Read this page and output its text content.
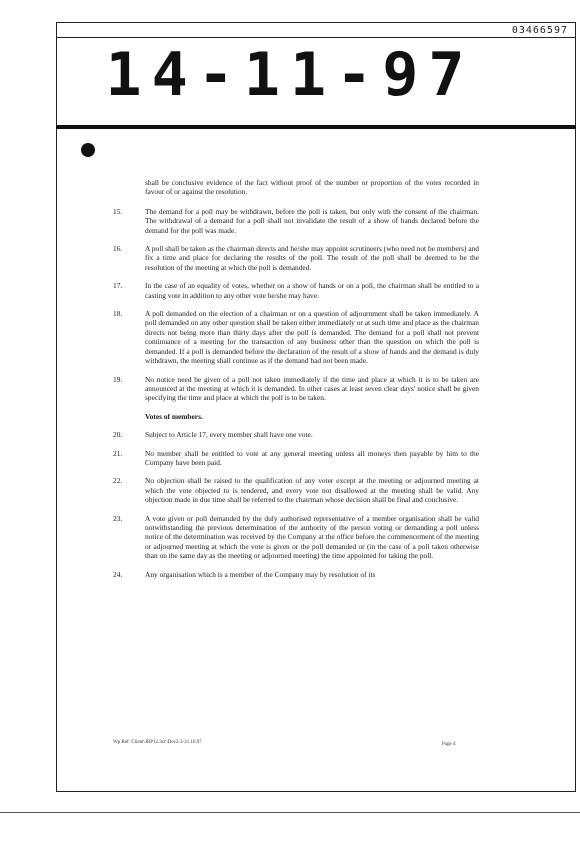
03466597
14-11-97
shall be conclusive evidence of the fact without proof of the number or proportion of the votes recorded in favour of or against the resolution.
15.	The demand for a poll may be withdrawn, before the poll is taken, but only with the consent of the chairman. The withdrawal of a demand for a poll shall not invalidate the result of a show of hands declared before the demand for the poll was made.
16.	A poll shall be taken as the chairman directs and he/she may appoint scrutineers (who need not be members) and fix a time and place for declaring the results of the poll. The result of the poll shall be deemed to be the resolution of the meeting at which the poll is demanded.
17.	In the case of an equality of votes, whether on a show of hands or on a poll, the chairman shall be entitled to a casting vote in addition to any other vote he/she may have.
18.	A poll demanded on the election of a chairman or on a question of adjournment shall be taken immediately. A poll demanded on any other question shall be taken either immediately or at such time and place as the chairman directs not being more than thirty days after the poll is demanded. The demand for a poll shall not prevent continuance of a meeting for the transaction of any business other than the question on which the poll is demanded. If a poll is demanded before the declaration of the result of a show of hands and the demand is duly withdrawn, the meeting shall continue as if the demand had not been made.
19.	No notice need be given of a poll not taken immediately if the time and place at which it is to be taken are announced at the meeting at which it is demanded. In other cases at least seven clear days' notice shall be given specifying the time and place at which the poll is to be taken.
Votes of members.
20.	Subject to Article 17, every member shall have one vote.
21.	No member shall be entitled to vote at any general meeting unless all moneys then payable by him to the Company have been paid.
22.	No objection shall be raised to the qualification of any voter except at the meeting or adjourned meeting at which the vote objected to is tendered, and every vote not disallowed at the meeting shall be valid. Any objection made in due time shall be referred to the chairman whose decision shall be final and conclusive.
23.	A vote given or poll demanded by the duly authorised representative of a member organisation shall be valid notwithstanding the previous determination of the authority of the person voting or demanding a poll unless notice of the determination was received by the Company at the office before the commencement of the meeting or adjourned meeting at which the vote is given or the poll demanded or (in the case of a poll taken otherwise than on the same day as the meeting or adjourned meeting) the time appointed for taking the poll.
24.	Any organisation which is a member of the Company may by resolution of its
Wp Ref: Client\JBP12.3cc\Doc2-2-21.10.97	Page 4
